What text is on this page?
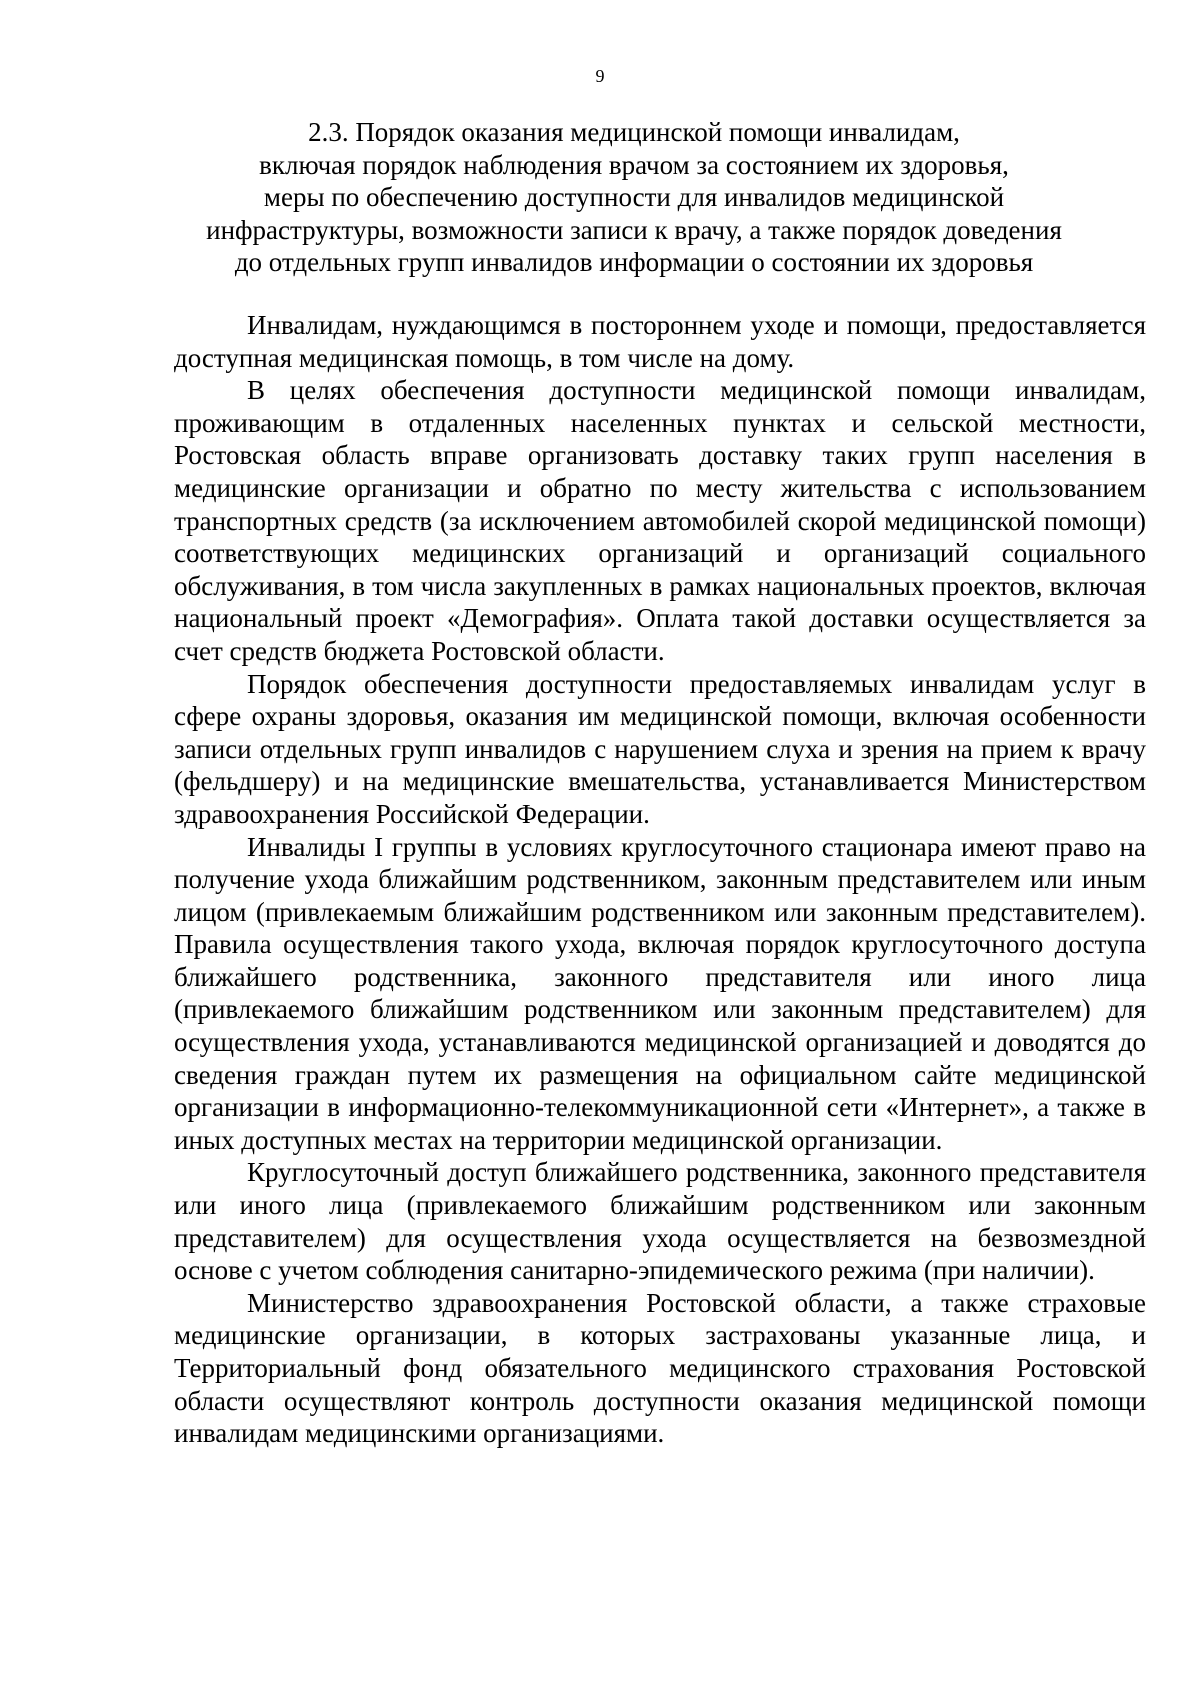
9
2.3. Порядок оказания медицинской помощи инвалидам,
включая порядок наблюдения врачом за состоянием их здоровья,
меры по обеспечению доступности для инвалидов медицинской
инфраструктуры, возможности записи к врачу, а также порядок доведения
до отдельных групп инвалидов информации о состоянии их здоровья

Инвалидам, нуждающимся в постороннем уходе и помощи, предоставляется доступная медицинская помощь, в том числе на дому.

В целях обеспечения доступности медицинской помощи инвалидам, проживающим в отдаленных населенных пунктах и сельской местности, Ростовская область вправе организовать доставку таких групп населения в медицинские организации и обратно по месту жительства с использованием транспортных средств (за исключением автомобилей скорой медицинской помощи) соответствующих медицинских организаций и организаций социального обслуживания, в том числа закупленных в рамках национальных проектов, включая национальный проект «Демография». Оплата такой доставки осуществляется за счет средств бюджета Ростовской области.

Порядок обеспечения доступности предоставляемых инвалидам услуг в сфере охраны здоровья, оказания им медицинской помощи, включая особенности записи отдельных групп инвалидов с нарушением слуха и зрения на прием к врачу (фельдшеру) и на медицинские вмешательства, устанавливается Министерством здравоохранения Российской Федерации.

Инвалиды I группы в условиях круглосуточного стационара имеют право на получение ухода ближайшим родственником, законным представителем или иным лицом (привлекаемым ближайшим родственником или законным представителем). Правила осуществления такого ухода, включая порядок круглосуточного доступа ближайшего родственника, законного представителя или иного лица (привлекаемого ближайшим родственником или законным представителем) для осуществления ухода, устанавливаются медицинской организацией и доводятся до сведения граждан путем их размещения на официальном сайте медицинской организации в информационно-телекоммуникационной сети «Интернет», а также в иных доступных местах на территории медицинской организации.

Круглосуточный доступ ближайшего родственника, законного представителя или иного лица (привлекаемого ближайшим родственником или законным представителем) для осуществления ухода осуществляется на безвозмездной основе с учетом соблюдения санитарно-эпидемического режима (при наличии).

Министерство здравоохранения Ростовской области, а также страховые медицинские организации, в которых застрахованы указанные лица, и Территориальный фонд обязательного медицинского страхования Ростовской области осуществляют контроль доступности оказания медицинской помощи инвалидам медицинскими организациями.
